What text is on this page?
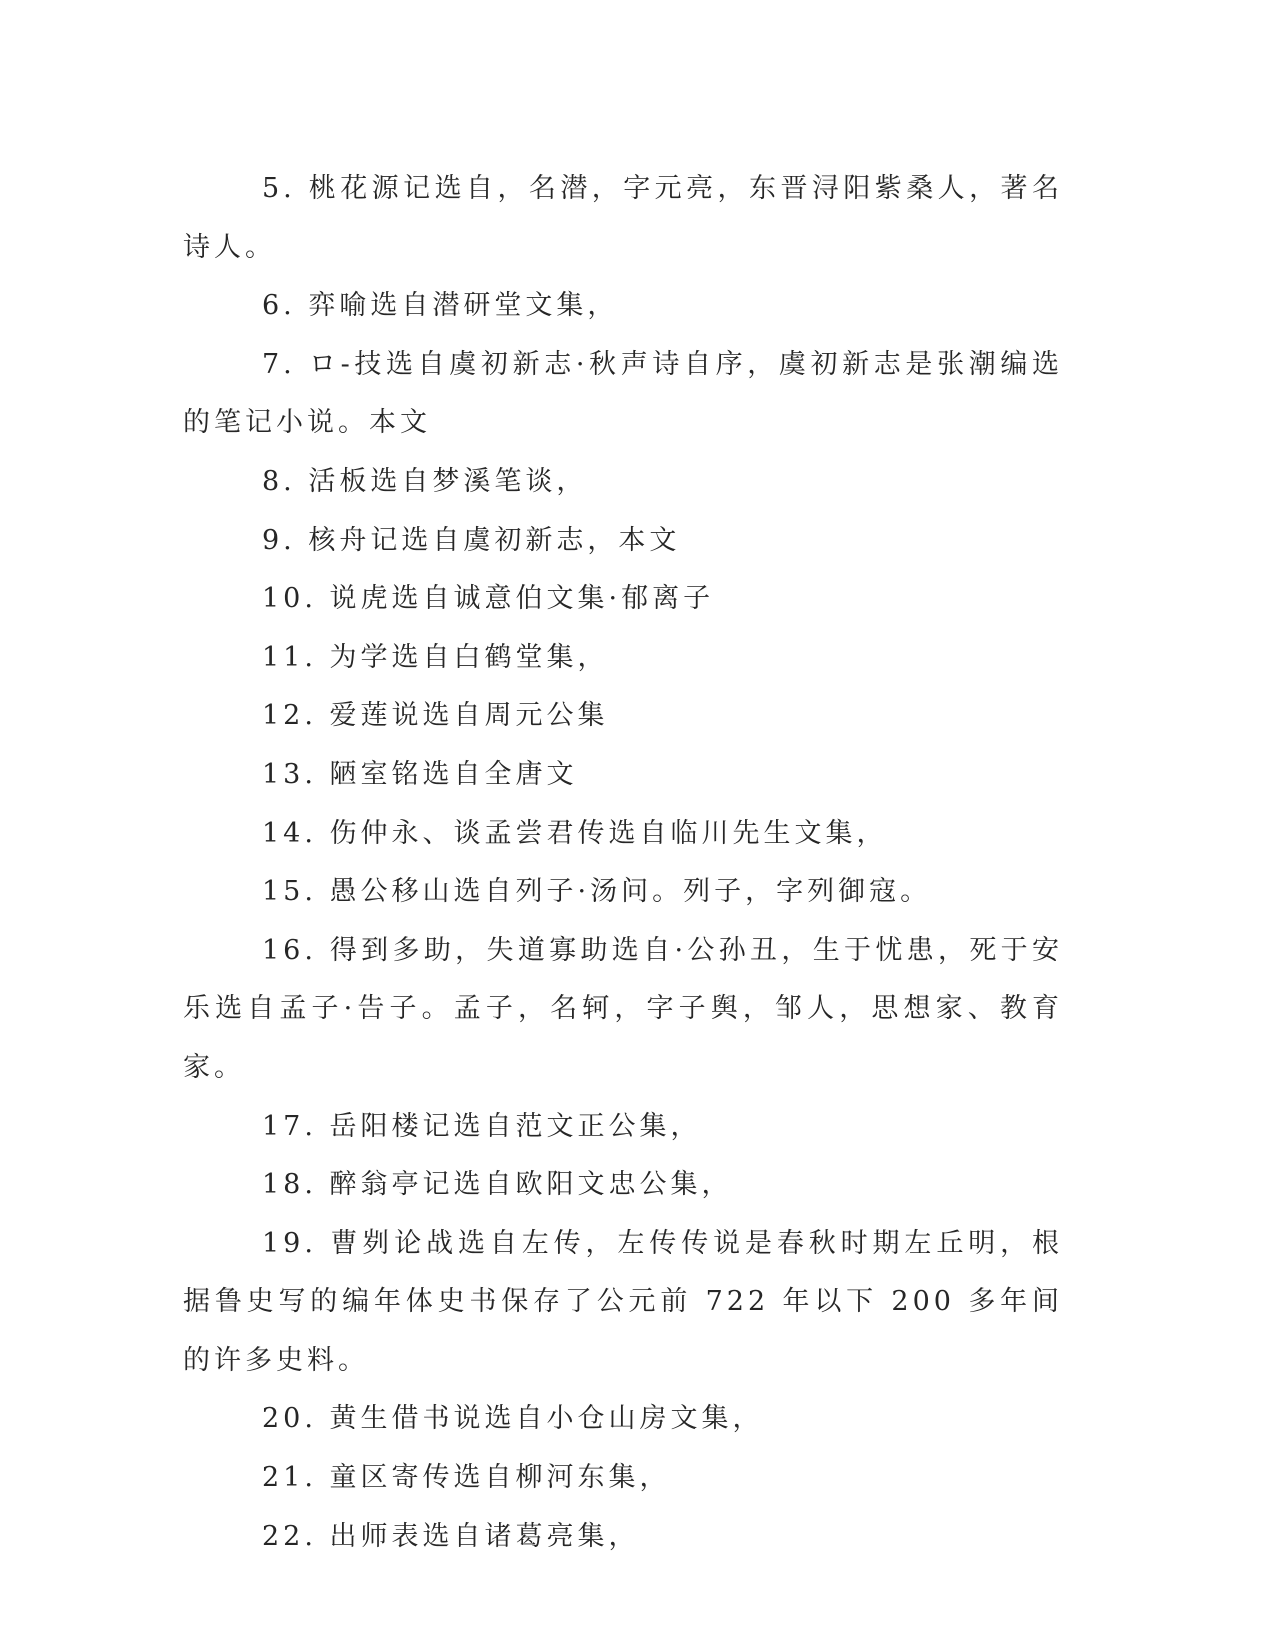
5. 桃花源记选自，名潜，字元亮，东晋浔阳紫桑人，著名诗人。

6. 弈喻选自潜研堂文集，

7. ロ-技选自虞初新志·秋声诗自序，虞初新志是张潮编选的笔记小说。本文

8. 活板选自梦溪笔谈，

9. 核舟记选自虞初新志，本文

10. 说虎选自诚意伯文集·郁离子

11. 为学选自白鹤堂集，

12. 爱莲说选自周元公集

13. 陋室铭选自全唐文

14. 伤仲永、谈孟尝君传选自临川先生文集，

15. 愚公移山选自列子·汤问。列子，字列御寇。

16. 得到多助，失道寡助选自·公孙丑，生于忧患，死于安乐选自孟子·告子。孟子，名轲，字子舆，邹人，思想家、教育家。

17. 岳阳楼记选自范文正公集，

18. 醉翁亭记选自欧阳文忠公集，

19. 曹刿论战选自左传，左传传说是春秋时期左丘明，根据鲁史写的编年体史书保存了公元前 722 年以下 200 多年间的许多史料。

20. 黄生借书说选自小仓山房文集，

21. 童区寄传选自柳河东集，

22. 出师表选自诸葛亮集，
